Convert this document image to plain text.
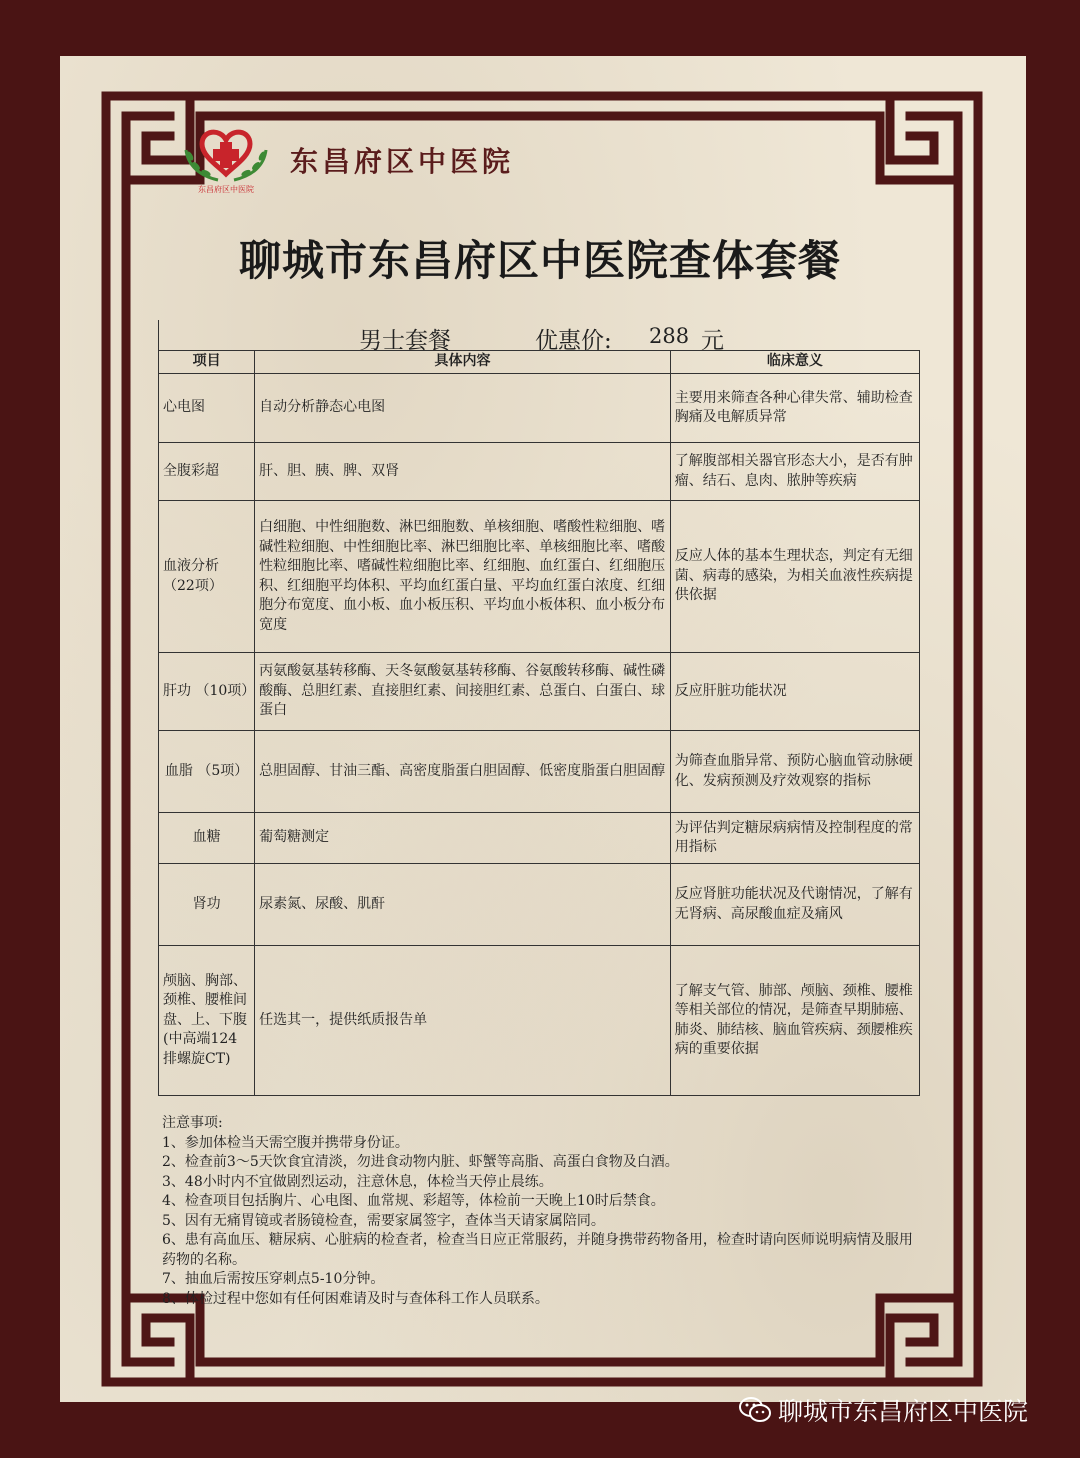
东昌府区中医院
东昌府区中医院
聊城市东昌府区中医院查体套餐
男士套餐	优惠价: 288 元
项目	具体内容	临床意义
心电图	自动分析静态心电图	主要用来筛查各种心律失常、辅助检查胸痛及电解质异常
全腹彩超	肝、胆、胰、脾、双肾	了解腹部相关器官形态大小，是否有肿瘤、结石、息肉、脓肿等疾病
血液分析（22项）	白细胞、中性细胞数、淋巴细胞数、单核细胞、嗜酸性粒细胞、嗜碱性粒细胞、中性细胞比率、淋巴细胞比率、单核细胞比率、嗜酸性粒细胞比率、嗜碱性粒细胞比率、红细胞、血红蛋白、红细胞压积、红细胞平均体积、平均血红蛋白量、平均血红蛋白浓度、红细胞分布宽度、血小板、血小板压积、平均血小板体积、血小板分布宽度	反应人体的基本生理状态，判定有无细菌、病毒的感染，为相关血液性疾病提供依据
肝功 （10项）	丙氨酸氨基转移酶、天冬氨酸氨基转移酶、谷氨酸转移酶、碱性磷酸酶、总胆红素、直接胆红素、间接胆红素、总蛋白、白蛋白、球蛋白	反应肝脏功能状况
血脂 （5项）	总胆固醇、甘油三酯、高密度脂蛋白胆固醇、低密度脂蛋白胆固醇	为筛查血脂异常、预防心脑血管动脉硬化、发病预测及疗效观察的指标
血糖	葡萄糖测定	为评估判定糖尿病病情及控制程度的常用指标
肾功	尿素氮、尿酸、肌酐	反应肾脏功能状况及代谢情况，了解有无肾病、高尿酸血症及痛风
颅脑、胸部、颈椎、腰椎间盘、上、下腹(中高端124排螺旋CT)	任选其一，提供纸质报告单	了解支气管、肺部、颅脑、颈椎、腰椎等相关部位的情况，是筛查早期肺癌、肺炎、肺结核、脑血管疾病、颈腰椎疾病的重要依据
注意事项:
1、参加体检当天需空腹并携带身份证。
2、检查前3～5天饮食宜清淡，勿进食动物内脏、虾蟹等高脂、高蛋白食物及白酒。
3、48小时内不宜做剧烈运动，注意休息，体检当天停止晨练。
4、检查项目包括胸片、心电图、血常规、彩超等，体检前一天晚上10时后禁食。
5、因有无痛胃镜或者肠镜检查，需要家属签字，查体当天请家属陪同。
6、患有高血压、糖尿病、心脏病的检查者，检查当日应正常服药，并随身携带药物备用，检查时请向医师说明病情及服用药物的名称。
7、抽血后需按压穿刺点5-10分钟。
8、体检过程中您如有任何困难请及时与查体科工作人员联系。
聊城市东昌府区中医院
